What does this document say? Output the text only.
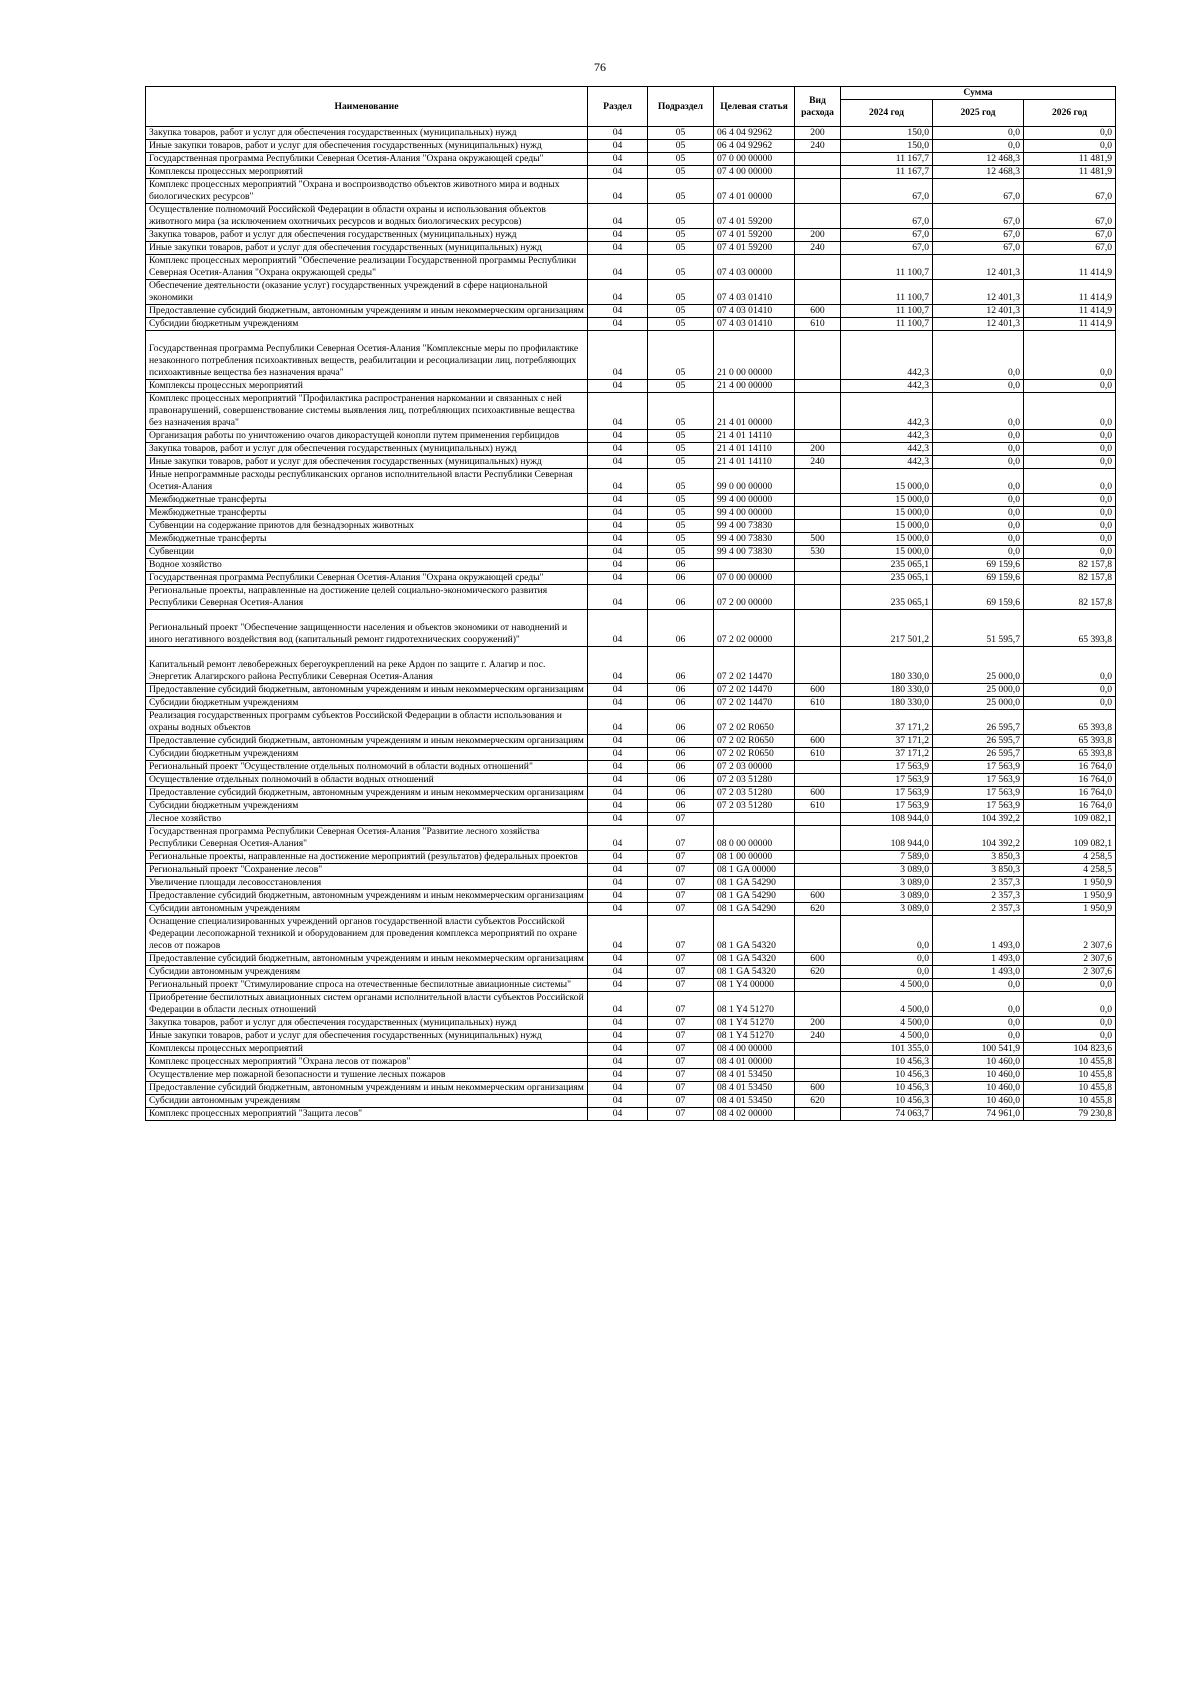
76
Наименование	Раздел	Подраздел	Целевая статья	Вид расхода	Сумма		
					2024 год	2025 год	2026 год
Закупка товаров, работ и услуг для обеспечения государственных (муниципальных) нужд	04	05	06 4 04 92962	200	150,0	0,0	0,0
Иные закупки товаров, работ и услуг для обеспечения государственных (муниципальных) нужд	04	05	06 4 04 92962	240	150,0	0,0	0,0
Государственная программа Республики Северная Осетия-Алания "Охрана окружающей среды"	04	05	07 0 00 00000		11 167,7	12 468,3	11 481,9
Комплексы процессных мероприятий	04	05	07 4 00 00000		11 167,7	12 468,3	11 481,9
Комплекс процессных мероприятий "Охрана и воспроизводство объектов животного мира и водных биологических ресурсов"	04	05	07 4 01 00000		67,0	67,0	67,0
Осуществление полномочий Российской Федерации в области охраны и использования объектов животного мира (за исключением охотничьих ресурсов и водных биологических ресурсов)	04	05	07 4 01 59200		67,0	67,0	67,0
Закупка товаров, работ и услуг для обеспечения государственных (муниципальных) нужд	04	05	07 4 01 59200	200	67,0	67,0	67,0
Иные закупки товаров, работ и услуг для обеспечения государственных (муниципальных) нужд	04	05	07 4 01 59200	240	67,0	67,0	67,0
Комплекс процессных мероприятий "Обеспечение реализации Государственной программы Республики Северная Осетия-Алания "Охрана окружающей среды"	04	05	07 4 03 00000		11 100,7	12 401,3	11 414,9
Обеспечение деятельности (оказание услуг) государственных учреждений в сфере национальной экономики	04	05	07 4 03 01410		11 100,7	12 401,3	11 414,9
Предоставление субсидий бюджетным, автономным учреждениям и иным некоммерческим организациям	04	05	07 4 03 01410	600	11 100,7	12 401,3	11 414,9
Субсидии бюджетным учреждениям	04	05	07 4 03 01410	610	11 100,7	12 401,3	11 414,9
Государственная программа Республики Северная Осетия-Алания "Комплексные меры по профилактике незаконного потребления психоактивных веществ, реабилитации и ресоциализации лиц, потребляющих психоактивные вещества без назначения врача"	04	05	21 0 00 00000		442,3	0,0	0,0
Комплексы процессных мероприятий	04	05	21 4 00 00000		442,3	0,0	0,0
Комплекс процессных мероприятий "Профилактика распространения наркомании и связанных с ней правонарушений, совершенствование системы выявления лиц, потребляющих психоактивные вещества без назначения врача"	04	05	21 4 01 00000		442,3	0,0	0,0
Организация работы по уничтожению очагов дикорастущей конопли путем применения гербицидов	04	05	21 4 01 14110		442,3	0,0	0,0
Закупка товаров, работ и услуг для обеспечения государственных (муниципальных) нужд	04	05	21 4 01 14110	200	442,3	0,0	0,0
Иные закупки товаров, работ и услуг для обеспечения государственных (муниципальных) нужд	04	05	21 4 01 14110	240	442,3	0,0	0,0
Иные непрограммные расходы республиканских органов исполнительной власти Республики Северная Осетия-Алания	04	05	99 0 00 00000		15 000,0	0,0	0,0
Межбюджетные трансферты	04	05	99 4 00 00000		15 000,0	0,0	0,0
Межбюджетные трансферты	04	05	99 4 00 00000		15 000,0	0,0	0,0
Субвенции на содержание приютов для безнадзорных животных	04	05	99 4 00 73830		15 000,0	0,0	0,0
Межбюджетные трансферты	04	05	99 4 00 73830	500	15 000,0	0,0	0,0
Субвенции	04	05	99 4 00 73830	530	15 000,0	0,0	0,0
Водное хозяйство	04	06			235 065,1	69 159,6	82 157,8
Государственная программа Республики Северная Осетия-Алания "Охрана окружающей среды"	04	06	07 0 00 00000		235 065,1	69 159,6	82 157,8
Региональные проекты, направленные на достижение целей социально-экономического развития Республики Северная Осетия-Алания	04	06	07 2 00 00000		235 065,1	69 159,6	82 157,8
Региональный проект "Обеспечение защищенности населения и объектов экономики от наводнений и иного негативного воздействия вод (капитальный ремонт гидротехнических сооружений)"	04	06	07 2 02 00000		217 501,2	51 595,7	65 393,8
Капитальный ремонт левобережных берегоукреплений на реке Ардон по защите г. Алагир и пос. Энергетик Алагирского района Республики Северная Осетия-Алания	04	06	07 2 02 14470		180 330,0	25 000,0	0,0
Предоставление субсидий бюджетным, автономным учреждениям и иным некоммерческим организациям	04	06	07 2 02 14470	600	180 330,0	25 000,0	0,0
Субсидии бюджетным учреждениям	04	06	07 2 02 14470	610	180 330,0	25 000,0	0,0
Реализация государственных программ субъектов Российской Федерации в области использования и охраны водных объектов	04	06	07 2 02 R0650		37 171,2	26 595,7	65 393,8
Предоставление субсидий бюджетным, автономным учреждениям и иным некоммерческим организациям	04	06	07 2 02 R0650	600	37 171,2	26 595,7	65 393,8
Субсидии бюджетным учреждениям	04	06	07 2 02 R0650	610	37 171,2	26 595,7	65 393,8
Региональный проект "Осуществление отдельных полномочий в области водных отношений"	04	06	07 2 03 00000		17 563,9	17 563,9	16 764,0
Осуществление отдельных полномочий в области водных отношений	04	06	07 2 03 51280		17 563,9	17 563,9	16 764,0
Предоставление субсидий бюджетным, автономным учреждениям и иным некоммерческим организациям	04	06	07 2 03 51280	600	17 563,9	17 563,9	16 764,0
Субсидии бюджетным учреждениям	04	06	07 2 03 51280	610	17 563,9	17 563,9	16 764,0
Лесное хозяйство	04	07			108 944,0	104 392,2	109 082,1
Государственная программа Республики Северная Осетия-Алания "Развитие лесного хозяйства Республики Северная Осетия-Алания"	04	07	08 0 00 00000		108 944,0	104 392,2	109 082,1
Региональные проекты, направленные на достижение мероприятий (результатов) федеральных проектов	04	07	08 1 00 00000		7 589,0	3 850,3	4 258,5
Региональный проект "Сохранение лесов"	04	07	08 1 GA 00000		3 089,0	3 850,3	4 258,5
Увеличение площади лесовосстановления	04	07	08 1 GA 54290		3 089,0	2 357,3	1 950,9
Предоставление субсидий бюджетным, автономным учреждениям и иным некоммерческим организациям	04	07	08 1 GA 54290	600	3 089,0	2 357,3	1 950,9
Субсидии автономным учреждениям	04	07	08 1 GA 54290	620	3 089,0	2 357,3	1 950,9
Оснащение специализированных учреждений органов государственной власти субъектов Российской Федерации лесопожарной техникой и оборудованием для проведения комплекса мероприятий по охране лесов от пожаров	04	07	08 1 GA 54320		0,0	1 493,0	2 307,6
Предоставление субсидий бюджетным, автономным учреждениям и иным некоммерческим организациям	04	07	08 1 GA 54320	600	0,0	1 493,0	2 307,6
Субсидии автономным учреждениям	04	07	08 1 GA 54320	620	0,0	1 493,0	2 307,6
Региональный проект "Стимулирование спроса на отечественные беспилотные авиационные системы"	04	07	08 1 Y4 00000		4 500,0	0,0	0,0
Приобретение беспилотных авиационных систем органами исполнительной власти субъектов Российской Федерации в области лесных отношений	04	07	08 1 Y4 51270		4 500,0	0,0	0,0
Закупка товаров, работ и услуг для обеспечения государственных (муниципальных) нужд	04	07	08 1 Y4 51270	200	4 500,0	0,0	0,0
Иные закупки товаров, работ и услуг для обеспечения государственных (муниципальных) нужд	04	07	08 1 Y4 51270	240	4 500,0	0,0	0,0
Комплексы процессных мероприятий	04	07	08 4 00 00000		101 355,0	100 541,9	104 823,6
Комплекс процессных мероприятий "Охрана лесов от пожаров"	04	07	08 4 01 00000		10 456,3	10 460,0	10 455,8
Осуществление мер пожарной безопасности и тушение лесных пожаров	04	07	08 4 01 53450		10 456,3	10 460,0	10 455,8
Предоставление субсидий бюджетным, автономным учреждениям и иным некоммерческим организациям	04	07	08 4 01 53450	600	10 456,3	10 460,0	10 455,8
Субсидии автономным учреждениям	04	07	08 4 01 53450	620	10 456,3	10 460,0	10 455,8
Комплекс процессных мероприятий "Защита лесов"	04	07	08 4 02 00000		74 063,7	74 961,0	79 230,8
